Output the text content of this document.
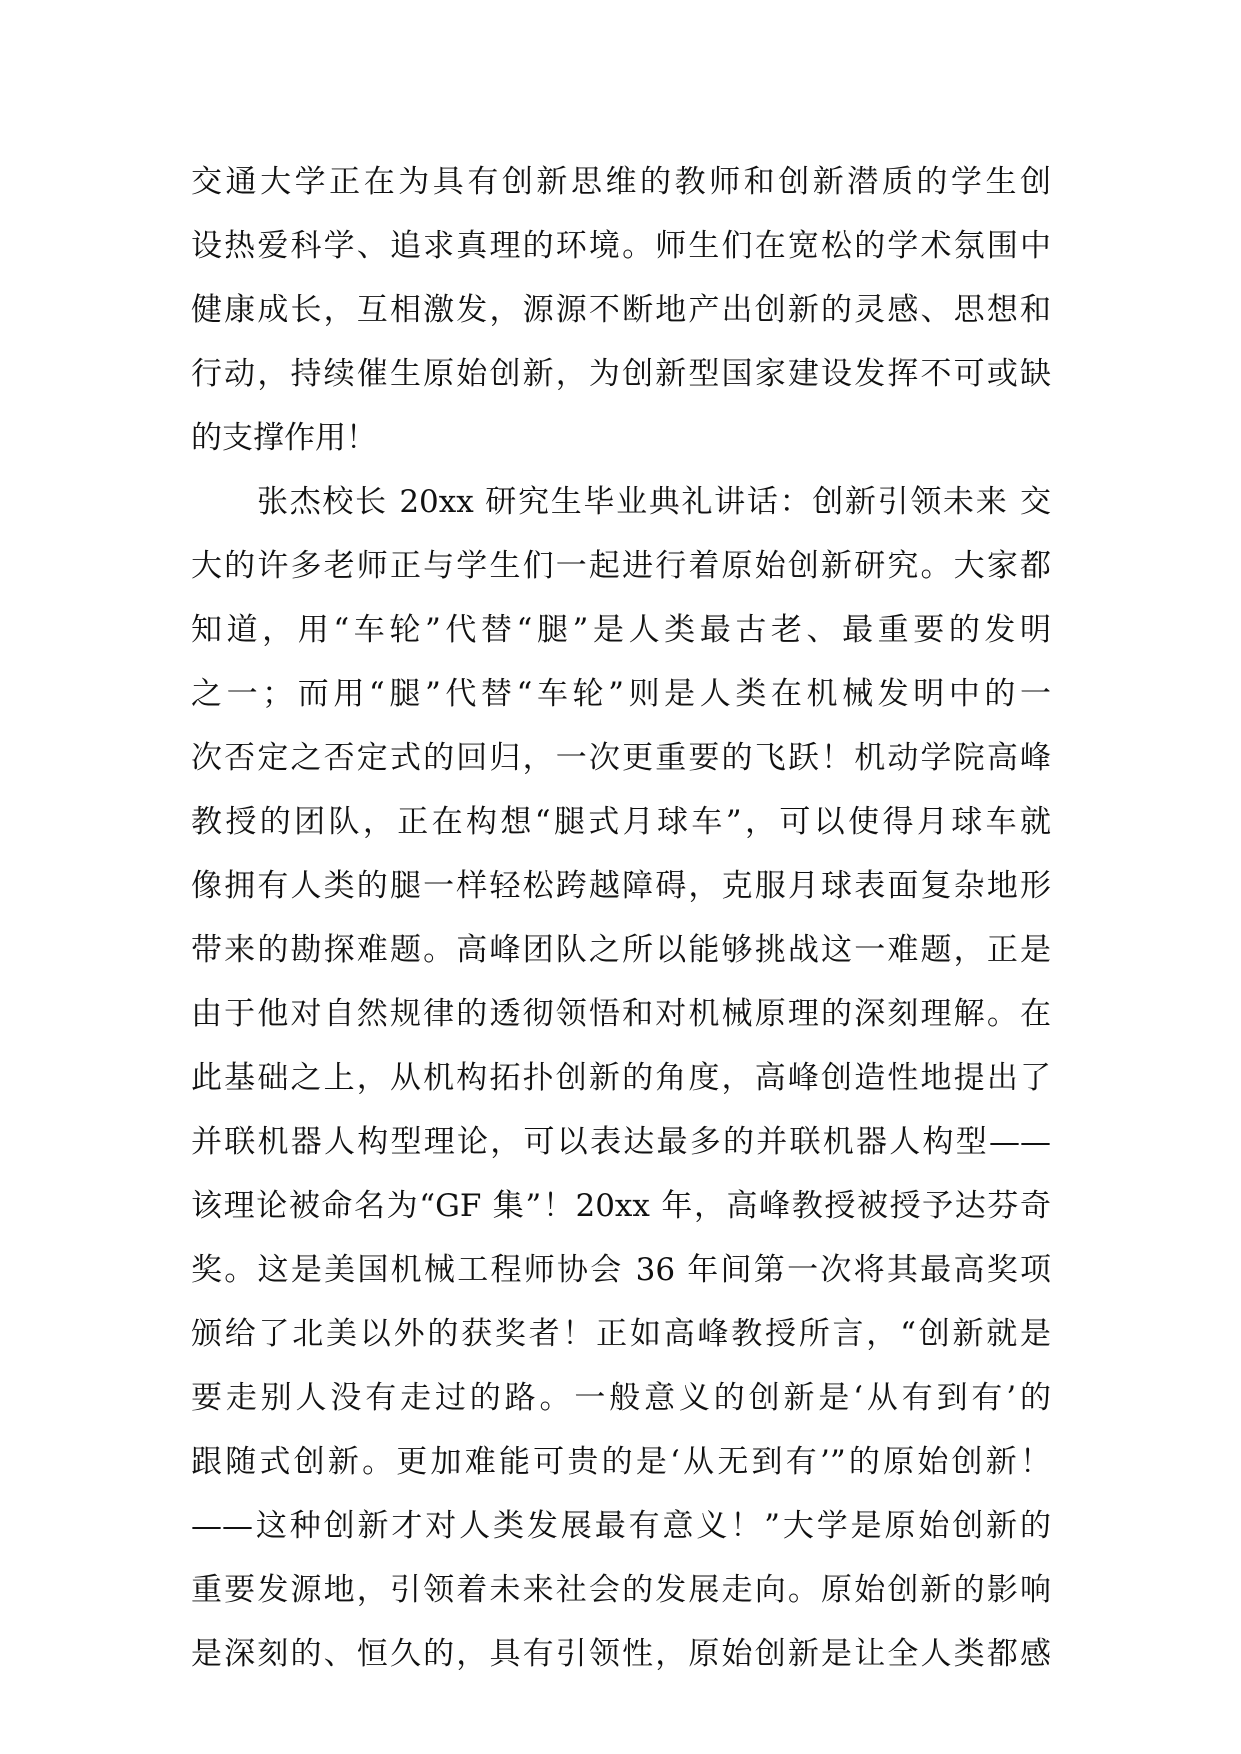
交通大学正在为具有创新思维的教师和创新潜质的学生创
设热爱科学、追求真理的环境。师生们在宽松的学术氛围中
健康成长，互相激发，源源不断地产出创新的灵感、思想和
行动，持续催生原始创新，为创新型国家建设发挥不可或缺
的支撑作用！
张杰校长 20xx 研究生毕业典礼讲话：创新引领未来 交
大的许多老师正与学生们一起进行着原始创新研究。大家都
知道，用“车轮”代替“腿”是人类最古老、最重要的发明
之一；而用“腿”代替“车轮”则是人类在机械发明中的一
次否定之否定式的回归，一次更重要的飞跃！机动学院高峰
教授的团队，正在构想“腿式月球车”，可以使得月球车就
像拥有人类的腿一样轻松跨越障碍，克服月球表面复杂地形
带来的勘探难题。高峰团队之所以能够挑战这一难题，正是
由于他对自然规律的透彻领悟和对机械原理的深刻理解。在
此基础之上，从机构拓扑创新的角度，高峰创造性地提出了
并联机器人构型理论，可以表达最多的并联机器人构型——
该理论被命名为“GF 集”！20xx 年，高峰教授被授予达芬奇
奖。这是美国机械工程师协会 36 年间第一次将其最高奖项
颁给了北美以外的获奖者！正如高峰教授所言，“创新就是
要走别人没有走过的路。一般意义的创新是‘从有到有’的
跟随式创新。更加难能可贵的是‘从无到有’”的原始创新！
——这种创新才对人类发展最有意义！”大学是原始创新的
重要发源地，引领着未来社会的发展走向。原始创新的影响
是深刻的、恒久的，具有引领性，原始创新是让全人类都感
